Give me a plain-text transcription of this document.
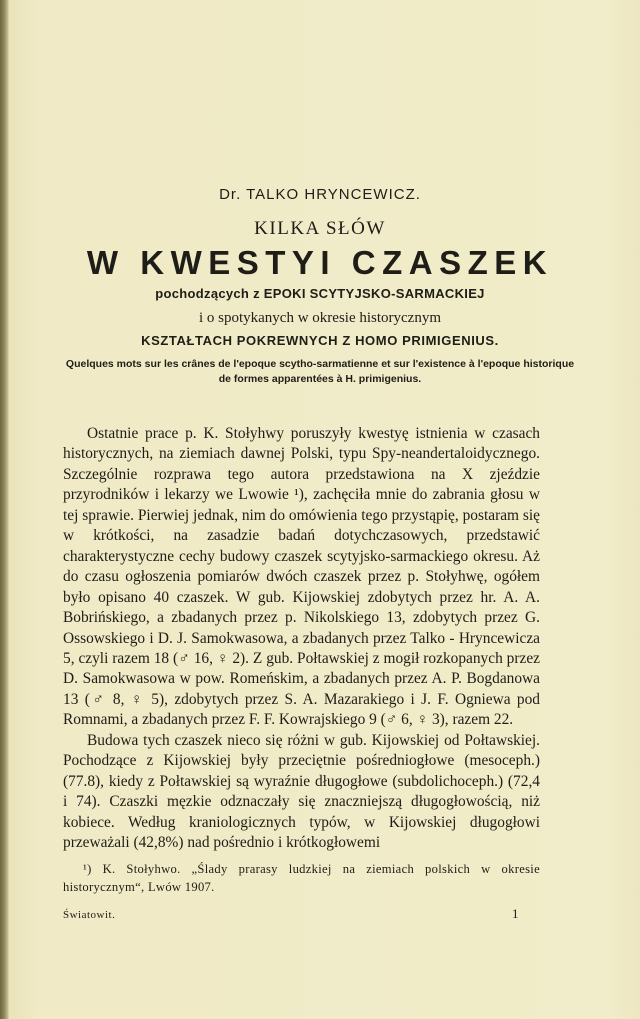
Dr. TALKO HRYNCEWICZ.
KILKA SŁÓW
W KWESTYI CZASZEK
pochodzących z EPOKI SCYTYJSKO-SARMACKIEJ
i o spotykanych w okresie historycznym
KSZTAŁTACH POKREWNYCH Z HOMO PRIMIGENIUS.
Quelques mots sur les crânes de l'epoque scytho-sarmatienne et sur l'existence à l'epoque historique de formes apparentées à H. primigenius.

Ostatnie prace p. K. Stołyhwy poruszyły kwestyę istnienia w czasach historycznych, na ziemiach dawnej Polski, typu Spy-neandertaloidycznego. Szczególnie rozprawa tego autora przedstawiona na X zjeździe przyrodników i lekarzy we Lwowie ¹), zachęciła mnie do zabrania głosu w tej sprawie. Pierwiej jednak, nim do omówienia tego przystąpię, postaram się w krótkości, na zasadzie badań dotychczasowych, przedstawić charakterystyczne cechy budowy czaszek scytyjsko-sarmackiego okresu. Aż do czasu ogłoszenia pomiarów dwóch czaszek przez p. Stołyhwę, ogółem było opisano 40 czaszek. W gub. Kijowskiej zdobytych przez hr. A. A. Bobrińskiego, a zbadanych przez p. Nikolskiego 13, zdobytych przez G. Ossowskiego i D. J. Samokwasowa, a zbadanych przez Talko - Hryncewicza 5, czyli razem 18 (♂ 16, ♀ 2). Z gub. Połtawskiej z mogił rozkopanych przez D. Samokwasowa w pow. Romeńskim, a zbadanych przez A. P. Bogdanowa 13 (♂ 8, ♀ 5), zdobytych przez S. A. Mazarakiego i J. F. Ogniewa pod Romnami, a zbadanych przez F. F. Kowrajskiego 9 (♂ 6, ♀ 3), razem 22.

Budowa tych czaszek nieco się różni w gub. Kijowskiej od Połtawskiej. Pochodzące z Kijowskiej były przeciętnie pośredniogłowe (mesoceph.) (77.8), kiedy z Połtawskiej są wyraźnie długogłowe (subdolichoceph.) (72,4 i 74). Czaszki męzkie odznaczały się znaczniejszą długogłowością, niż kobiece. Według kraniologicznych typów, w Kijowskiej długogłowi przeważali (42,8%) nad pośrednio i krótkogłowemi

¹) K. Stołyhwo. „Ślady prarasy ludzkiej na ziemiach polskich w okresie historycznym“, Lwów 1907.
Światowit.	1
